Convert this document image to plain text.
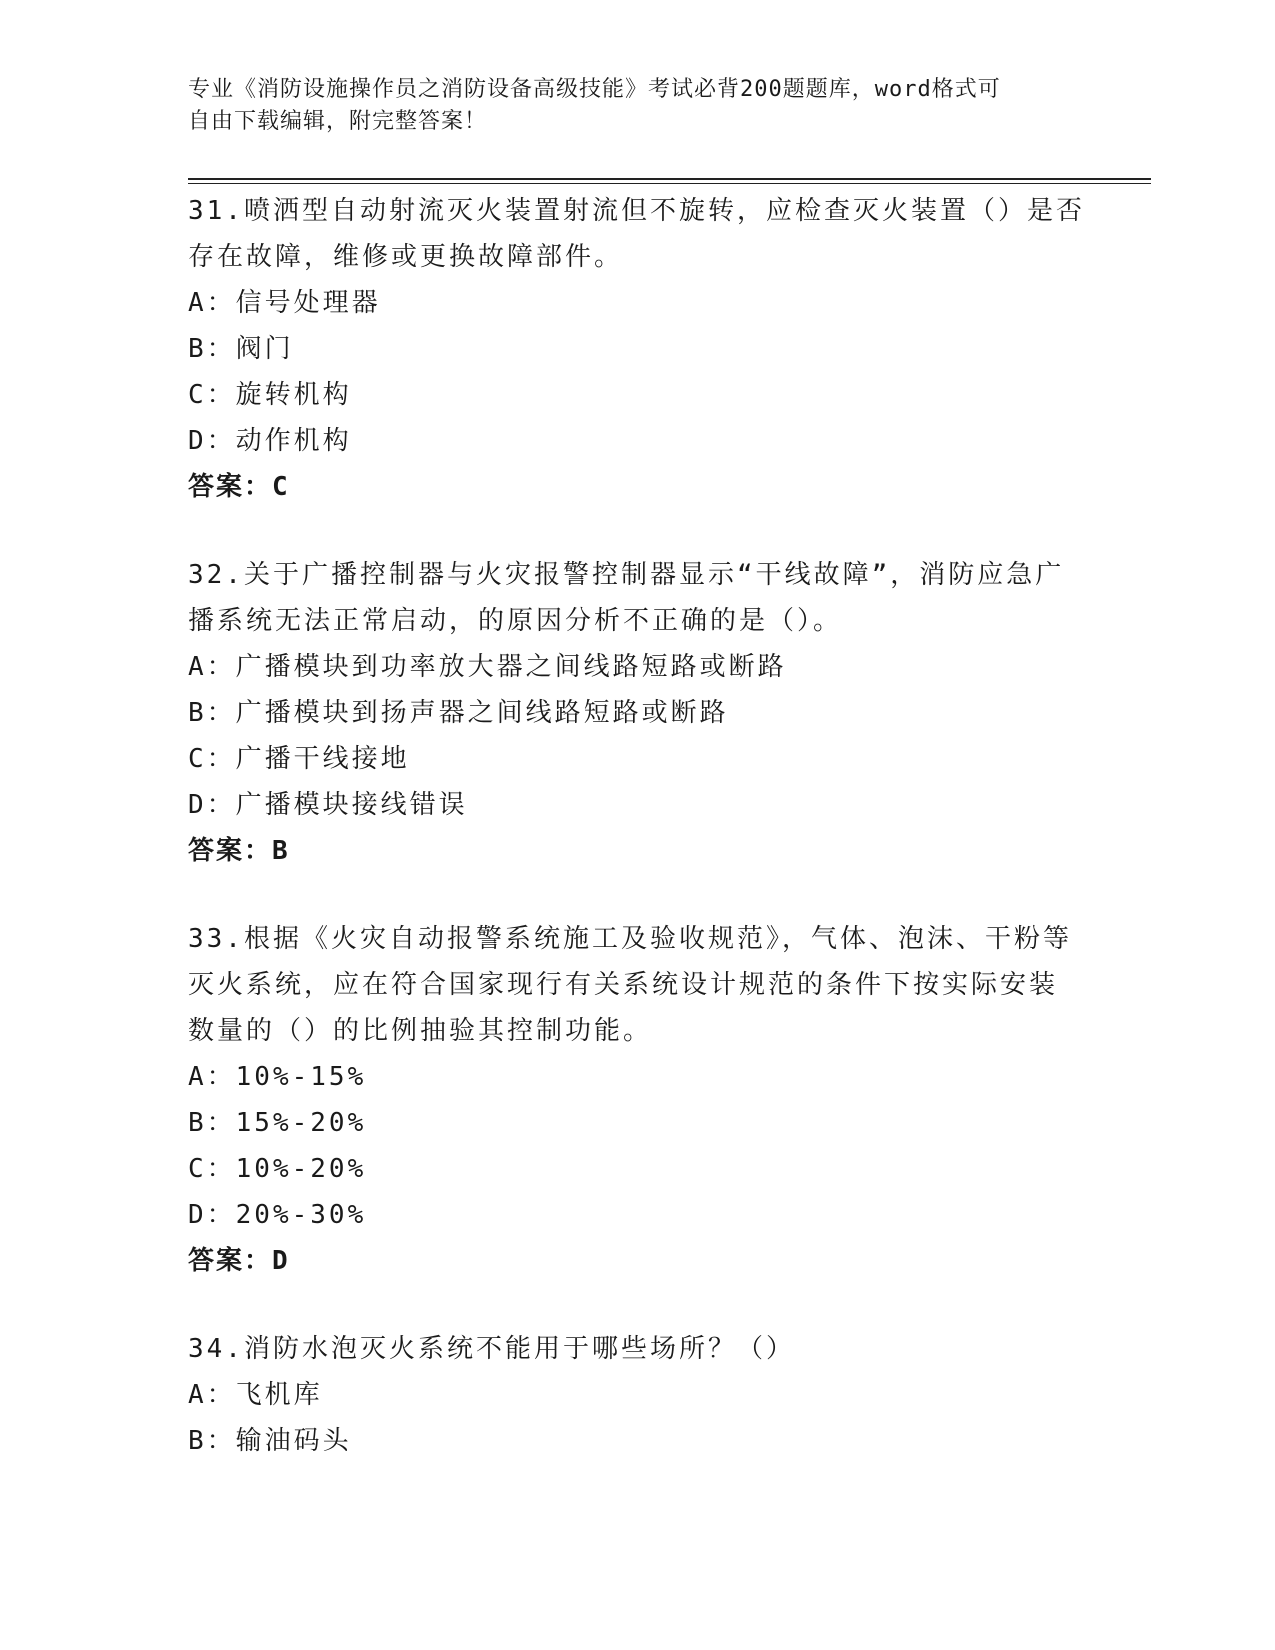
专业《消防设施操作员之消防设备高级技能》考试必背200题题库，word格式可
自由下载编辑，附完整答案！
31.喷洒型自动射流灭火装置射流但不旋转，应检查灭火装置（）是否
存在故障，维修或更换故障部件。
A：信号处理器
B：阀门
C：旋转机构
D：动作机构
答案：C
32.关于广播控制器与火灾报警控制器显示“干线故障”，消防应急广
播系统无法正常启动，的原因分析不正确的是（）。
A：广播模块到功率放大器之间线路短路或断路
B：广播模块到扬声器之间线路短路或断路
C：广播干线接地
D：广播模块接线错误
答案：B
33.根据《火灾自动报警系统施工及验收规范》，气体、泡沫、干粉等
灭火系统，应在符合国家现行有关系统设计规范的条件下按实际安装
数量的（）的比例抽验其控制功能。
A：10%-15%
B：15%-20%
C：10%-20%
D：20%-30%
答案：D
34.消防水泡灭火系统不能用于哪些场所？（）
A：飞机库
B：输油码头
